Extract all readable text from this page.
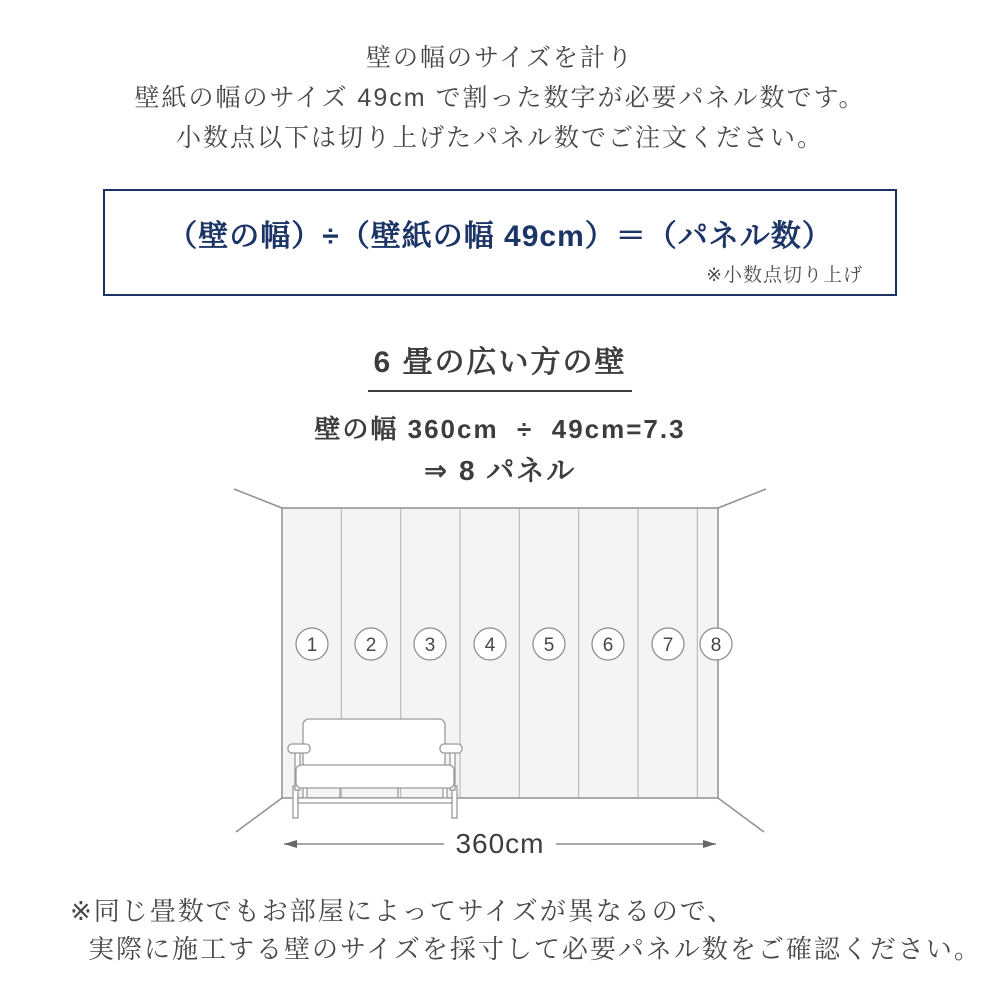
壁の幅のサイズを計り
壁紙の幅のサイズ 49cm で割った数字が必要パネル数です。
小数点以下は切り上げたパネル数でご注文ください。
（壁の幅）÷（壁紙の幅 49cm）＝（パネル数）
※小数点切り上げ
6 畳の広い方の壁
壁の幅 360cm  ÷  49cm=7.3
⇒ 8 パネル
1	2	3	4	5	6	7 8
360cm
※同じ畳数でもお部屋によってサイズが異なるので、
実際に施工する壁のサイズを採寸して必要パネル数をご確認ください。
